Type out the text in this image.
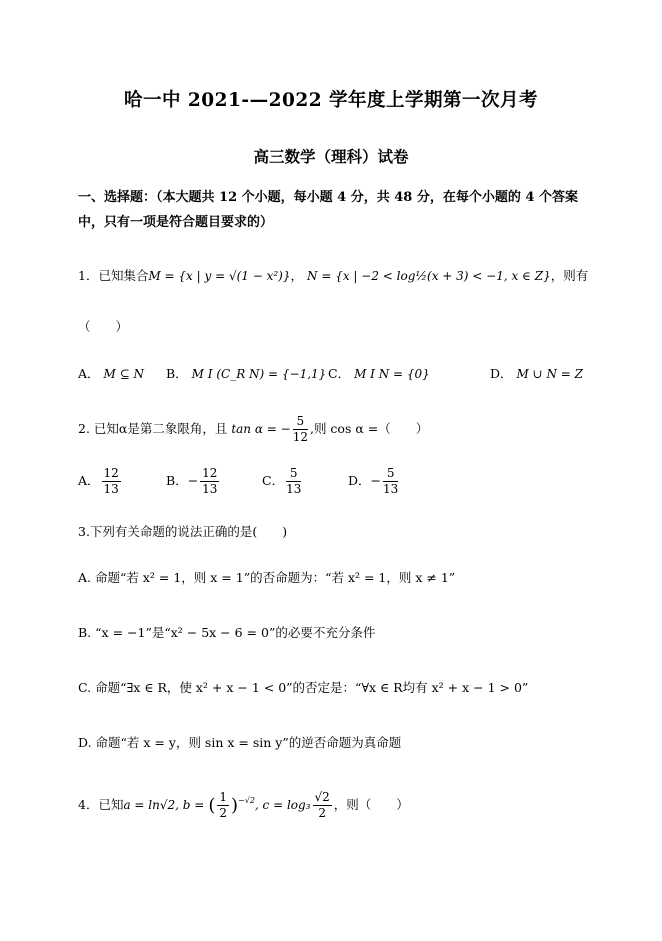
哈一中 2021-—2022 学年度上学期第一次月考
高三数学（理科）试卷
一、选择题：（本大题共 12 个小题，每小题 4 分，共 48 分，在每个小题的 4 个答案中，只有一项是符合题目要求的）
1．已知集合M = {x | y = √(1 − x²)}， N = {x | −2 < log½(x + 3) < −1, x ∈ Z}，则有
（　　）
A． M ⊆ N B． M I (C_R N) = {−1,1} C． M I N = {0}	D． M ∪ N = Z
2. 已知α是第二象限角，且 tan α = − $\frac{5}{12}$ ,则 cos α =（　　）
A． $\frac{12}{13}$	B．− $\frac{12}{13}$	C． $\frac{5}{13}$	D．− $\frac{5}{13}$
3.下列有关命题的说法正确的是(　　)
A. 命题“若 x² = 1，则 x = 1”的否命题为：“若 x² = 1，则 x ≠ 1”
B. “x = −1”是“x² − 5x − 6 = 0”的必要不充分条件
C. 命题“∃x ∈ R，使 x² + x − 1 < 0”的否定是：“∀x ∈ R均有 x² + x − 1 > 0”
D. 命题“若 x = y，则 sin x = sin y”的逆否命题为真命题
4．已知a = ln√2, b = ( $\frac{1}{2} )^{-√2}$, $c = \log_3 \frac{√2}{2}$ ，则（　　）
